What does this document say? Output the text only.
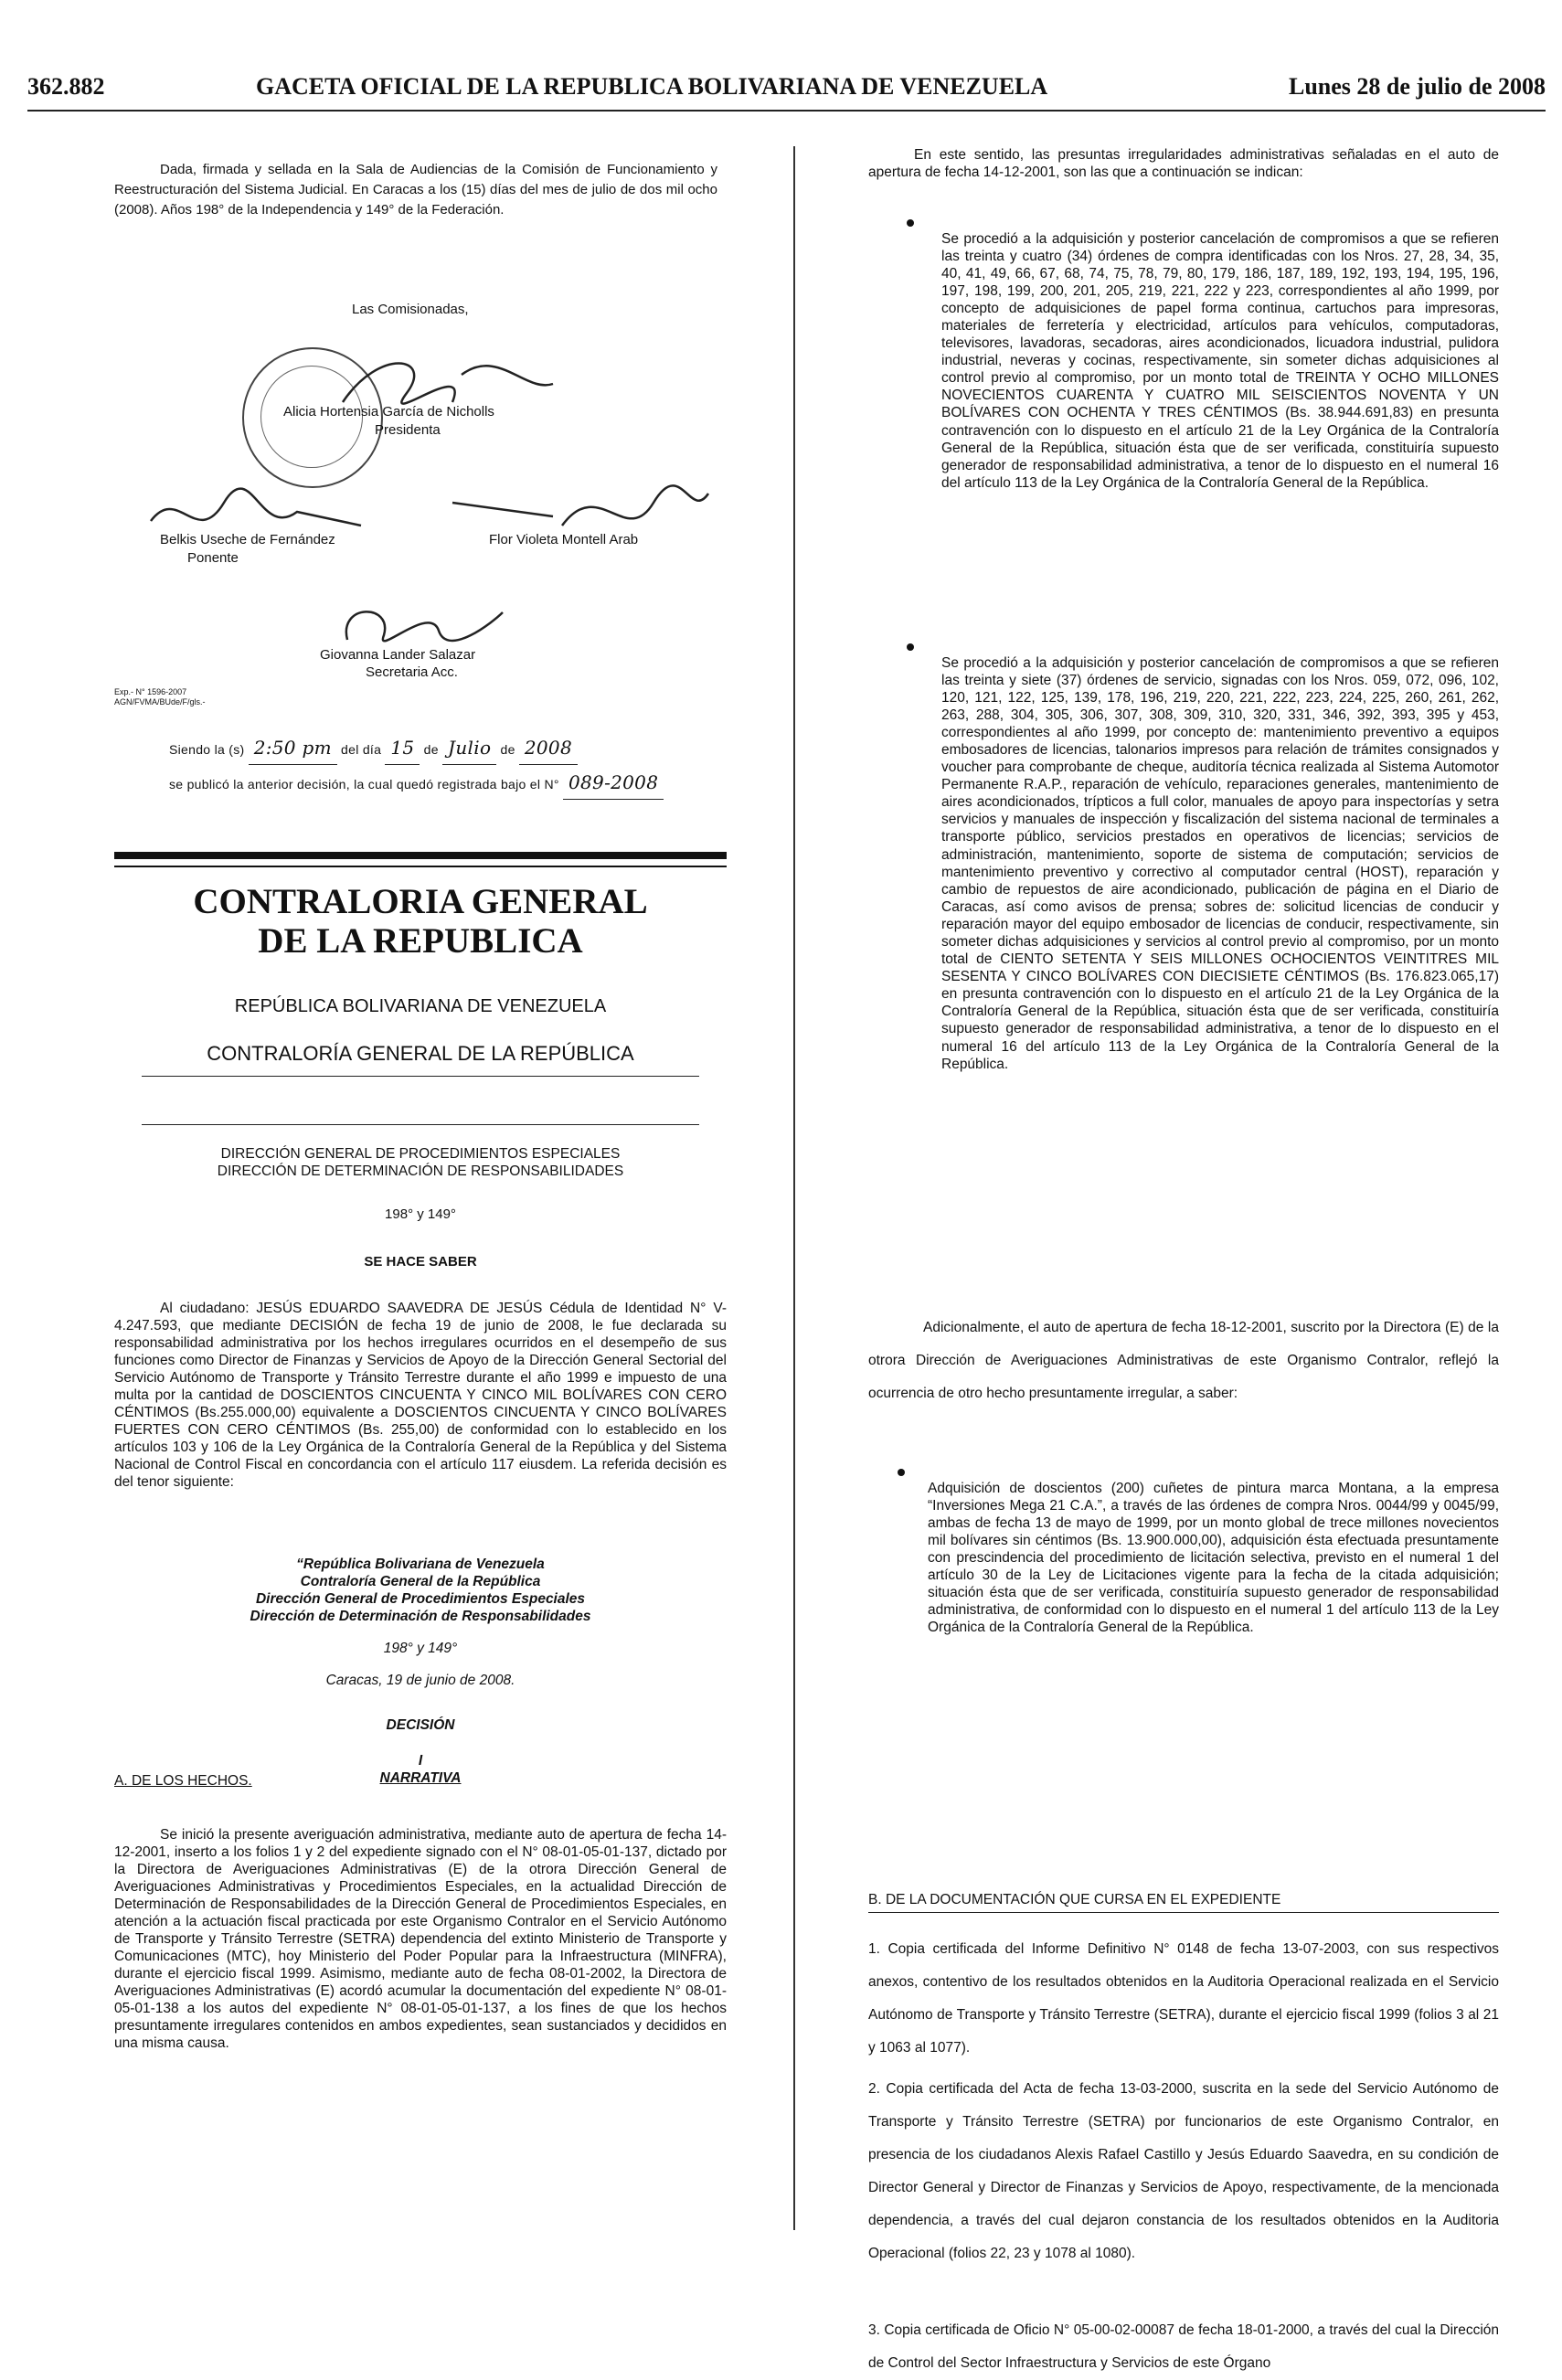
362.882	GACETA OFICIAL DE LA REPUBLICA BOLIVARIANA DE VENEZUELA	Lunes 28 de julio de 2008

Dada, firmada y sellada en la Sala de Audiencias de la Comisión de Funcionamiento y Reestructuración del Sistema Judicial. En Caracas a los (15) días del mes de julio de dos mil ocho (2008). Años 198° de la Independencia y 149° de la Federación.

Las Comisionadas,
Alicia Hortensia García de Nicholls
Presidenta
Belkis Useche de Fernández
Ponente
Flor Violeta Montell Arab
Giovanna Lander Salazar
Secretaria Acc.
Exp.- N° 1596-2007
AGN/FVMA/BUde/F/gls.-
Siendo la (s) 2:50 pm del día 15 de Julio de 2008
se publicó la anterior decisión, la cual quedó registrada bajo el N° 089-2008
CONTRALORIA GENERAL
DE LA REPUBLICA
REPÚBLICA BOLIVARIANA DE VENEZUELA
CONTRALORÍA GENERAL DE LA REPÚBLICA
DIRECCIÓN GENERAL DE PROCEDIMIENTOS ESPECIALES
DIRECCIÓN DE DETERMINACIÓN DE RESPONSABILIDADES
198° y 149°
SE HACE SABER

Al ciudadano: JESÚS EDUARDO SAAVEDRA DE JESÚS Cédula de Identidad N° V- 4.247.593, que mediante DECISIÓN de fecha 19 de junio de 2008, le fue declarada su responsabilidad administrativa por los hechos irregulares ocurridos en el desempeño de sus funciones como Director de Finanzas y Servicios de Apoyo de la Dirección General Sectorial del Servicio Autónomo de Transporte y Tránsito Terrestre durante el año 1999 e impuesto de una multa por la cantidad de DOSCIENTOS CINCUENTA Y CINCO MIL BOLÍVARES CON CERO CÉNTIMOS (Bs.255.000,00) equivalente a DOSCIENTOS CINCUENTA Y CINCO BOLÍVARES FUERTES CON CERO CÉNTIMOS (Bs. 255,00) de conformidad con lo establecido en los artículos 103 y 106 de la Ley Orgánica de la Contraloría General de la República y del Sistema Nacional de Control Fiscal en concordancia con el artículo 117 eiusdem. La referida decisión es del tenor siguiente:

“República Bolivariana de Venezuela
Contraloría General de la República
Dirección General de Procedimientos Especiales
Dirección de Determinación de Responsabilidades
198° y 149°
Caracas, 19 de junio de 2008.
DECISIÓN
I
NARRATIVA
A. DE LOS HECHOS.

Se inició la presente averiguación administrativa, mediante auto de apertura de fecha 14-12-2001, inserto a los folios 1 y 2 del expediente signado con el N° 08-01-05-01-137, dictado por la Directora de Averiguaciones Administrativas (E) de la otrora Dirección General de Averiguaciones Administrativas y Procedimientos Especiales, en la actualidad Dirección de Determinación de Responsabilidades de la Dirección General de Procedimientos Especiales, en atención a la actuación fiscal practicada por este Organismo Contralor en el Servicio Autónomo de Transporte y Tránsito Terrestre (SETRA) dependencia del extinto Ministerio de Transporte y Comunicaciones (MTC), hoy Ministerio del Poder Popular para la Infraestructura (MINFRA), durante el ejercicio fiscal 1999. Asimismo, mediante auto de fecha 08-01-2002, la Directora de Averiguaciones Administrativas (E) acordó acumular la documentación del expediente N° 08-01-05-01-138 a los autos del expediente N° 08-01-05-01-137, a los fines de que los hechos presuntamente irregulares contenidos en ambos expedientes, sean sustanciados y decididos en una misma causa.

En este sentido, las presuntas irregularidades administrativas señaladas en el auto de apertura de fecha 14-12-2001, son las que a continuación se indican:

Se procedió a la adquisición y posterior cancelación de compromisos a que se refieren las treinta y cuatro (34) órdenes de compra identificadas con los Nros. 27, 28, 34, 35, 40, 41, 49, 66, 67, 68, 74, 75, 78, 79, 80, 179, 186, 187, 189, 192, 193, 194, 195, 196, 197, 198, 199, 200, 201, 205, 219, 221, 222 y 223, correspondientes al año 1999, por concepto de adquisiciones de papel forma continua, cartuchos para impresoras, materiales de ferretería y electricidad, artículos para vehículos, computadoras, televisores, lavadoras, secadoras, aires acondicionados, licuadora industrial, pulidora industrial, neveras y cocinas, respectivamente, sin someter dichas adquisiciones al control previo al compromiso, por un monto total de TREINTA Y OCHO MILLONES NOVECIENTOS CUARENTA Y CUATRO MIL SEISCIENTOS NOVENTA Y UN BOLÍVARES CON OCHENTA Y TRES CÉNTIMOS (Bs. 38.944.691,83) en presunta contravención con lo dispuesto en el artículo 21 de la Ley Orgánica de la Contraloría General de la República, situación ésta que de ser verificada, constituiría supuesto generador de responsabilidad administrativa, a tenor de lo dispuesto en el numeral 16 del artículo 113 de la Ley Orgánica de la Contraloría General de la República.

Se procedió a la adquisición y posterior cancelación de compromisos a que se refieren las treinta y siete (37) órdenes de servicio, signadas con los Nros. 059, 072, 096, 102, 120, 121, 122, 125, 139, 178, 196, 219, 220, 221, 222, 223, 224, 225, 260, 261, 262, 263, 288, 304, 305, 306, 307, 308, 309, 310, 320, 331, 346, 392, 393, 395 y 453, correspondientes al año 1999, por concepto de: mantenimiento preventivo a equipos embosadores de licencias, talonarios impresos para relación de trámites consignados y voucher para comprobante de cheque, auditoría técnica realizada al Sistema Automotor Permanente R.A.P., reparación de vehículo, reparaciones generales, mantenimiento de aires acondicionados, trípticos a full color, manuales de apoyo para inspectorías y setra servicios y manuales de inspección y fiscalización del sistema nacional de terminales a transporte público, servicios prestados en operativos de licencias; servicios de administración, mantenimiento, soporte de sistema de computación; servicios de mantenimiento preventivo y correctivo al computador central (HOST), reparación y cambio de repuestos de aire acondicionado, publicación de página en el Diario de Caracas, así como avisos de prensa; sobres de: solicitud licencias de conducir y reparación mayor del equipo embosador de licencias de conducir, respectivamente, sin someter dichas adquisiciones y servicios al control previo al compromiso, por un monto total de CIENTO SETENTA Y SEIS MILLONES OCHOCIENTOS VEINTITRES MIL SESENTA Y CINCO BOLÍVARES CON DIECISIETE CÉNTIMOS (Bs. 176.823.065,17) en presunta contravención con lo dispuesto en el artículo 21 de la Ley Orgánica de la Contraloría General de la República, situación ésta que de ser verificada, constituiría supuesto generador de responsabilidad administrativa, a tenor de lo dispuesto en el numeral 16 del artículo 113 de la Ley Orgánica de la Contraloría General de la República.

Adicionalmente, el auto de apertura de fecha 18-12-2001, suscrito por la Directora (E) de la otrora Dirección de Averiguaciones Administrativas de este Organismo Contralor, reflejó la ocurrencia de otro hecho presuntamente irregular, a saber:

Adquisición de doscientos (200) cuñetes de pintura marca Montana, a la empresa “Inversiones Mega 21 C.A.”, a través de las órdenes de compra Nros. 0044/99 y 0045/99, ambas de fecha 13 de mayo de 1999, por un monto global de trece millones novecientos mil bolívares sin céntimos (Bs. 13.900.000,00), adquisición ésta efectuada presuntamente con prescindencia del procedimiento de licitación selectiva, previsto en el numeral 1 del artículo 30 de la Ley de Licitaciones vigente para la fecha de la citada adquisición; situación ésta que de ser verificada, constituiría supuesto generador de responsabilidad administrativa, de conformidad con lo dispuesto en el numeral 1 del artículo 113 de la Ley Orgánica de la Contraloría General de la República.

B. DE LA DOCUMENTACIÓN QUE CURSA EN EL EXPEDIENTE
1. Copia certificada del Informe Definitivo N° 0148 de fecha 13-07-2003, con sus respectivos anexos, contentivo de los resultados obtenidos en la Auditoria Operacional realizada en el Servicio Autónomo de Transporte y Tránsito Terrestre (SETRA), durante el ejercicio fiscal 1999 (folios 3 al 21 y 1063 al 1077).
2. Copia certificada del Acta de fecha 13-03-2000, suscrita en la sede del Servicio Autónomo de Transporte y Tránsito Terrestre (SETRA) por funcionarios de este Organismo Contralor, en presencia de los ciudadanos Alexis Rafael Castillo y Jesús Eduardo Saavedra, en su condición de Director General y Director de Finanzas y Servicios de Apoyo, respectivamente, de la mencionada dependencia, a través del cual dejaron constancia de los resultados obtenidos en la Auditoria Operacional (folios 22, 23 y 1078 al 1080).
3. Copia certificada de Oficio N° 05-00-02-00087 de fecha 18-01-2000, a través del cual la Dirección de Control del Sector Infraestructura y Servicios de este Órgano
